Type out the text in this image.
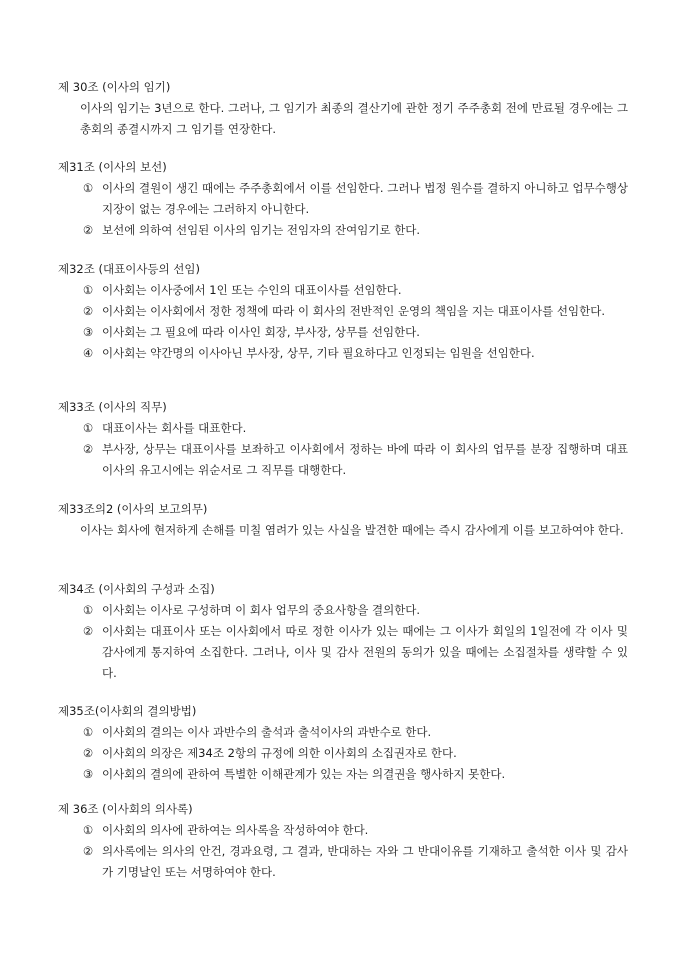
제 30조 (이사의 임기)
이사의 임기는 3년으로 한다. 그러나, 그 임기가 최종의 결산기에 관한 정기 주주총회 전에 만료될 경우에는 그 총회의 종결시까지 그 임기를 연장한다.
제31조 (이사의 보선)
① 이사의 결원이 생긴 때에는 주주총회에서 이를 선임한다. 그러나 법정 원수를 결하지 아니하고 업무수행상 지장이 없는 경우에는 그러하지 아니한다.
② 보선에 의하여 선임된 이사의 임기는 전임자의 잔여임기로 한다.
제32조 (대표이사등의 선임)
① 이사회는 이사중에서 1인 또는 수인의 대표이사를 선임한다.
② 이사회는 이사회에서 정한 정책에 따라 이 회사의 전반적인 운영의 책임을 지는 대표이사를 선임한다.
③ 이사회는 그 필요에 따라 이사인 회장, 부사장, 상무를 선임한다.
④ 이사회는 약간명의 이사아닌 부사장, 상무, 기타 필요하다고 인정되는 임원을 선임한다.
제33조 (이사의 직무)
① 대표이사는 회사를 대표한다.
② 부사장, 상무는 대표이사를 보좌하고 이사회에서 정하는 바에 따라 이 회사의 업무를 분장 집행하며 대표이사의 유고시에는 위순서로 그 직무를 대행한다.
제33조의2 (이사의 보고의무)
이사는 회사에 현저하게 손해를 미칠 염려가 있는 사실을 발견한 때에는 즉시 감사에게 이를 보고하여야 한다.
제34조 (이사회의 구성과 소집)
① 이사회는 이사로 구성하며 이 회사 업무의 중요사항을 결의한다.
② 이사회는 대표이사 또는 이사회에서 따로 정한 이사가 있는 때에는 그 이사가 회일의 1일전에 각 이사 및 감사에게 통지하여 소집한다. 그러나, 이사 및 감사 전원의 동의가 있을 때에는 소집절차를 생략할 수 있다.
제35조(이사회의 결의방법)
① 이사회의 결의는 이사 과반수의 출석과 출석이사의 과반수로 한다.
② 이사회의 의장은 제34조 2항의 규정에 의한 이사회의 소집권자로 한다.
③ 이사회의 결의에 관하여 특별한 이해관계가 있는 자는 의결권을 행사하지 못한다.
제 36조 (이사회의 의사록)
① 이사회의 의사에 관하여는 의사록을 작성하여야 한다.
② 의사록에는 의사의 안건, 경과요령, 그 결과, 반대하는 자와 그 반대이유를 기재하고 출석한 이사 및 감사가 기명날인 또는 서명하여야 한다.
